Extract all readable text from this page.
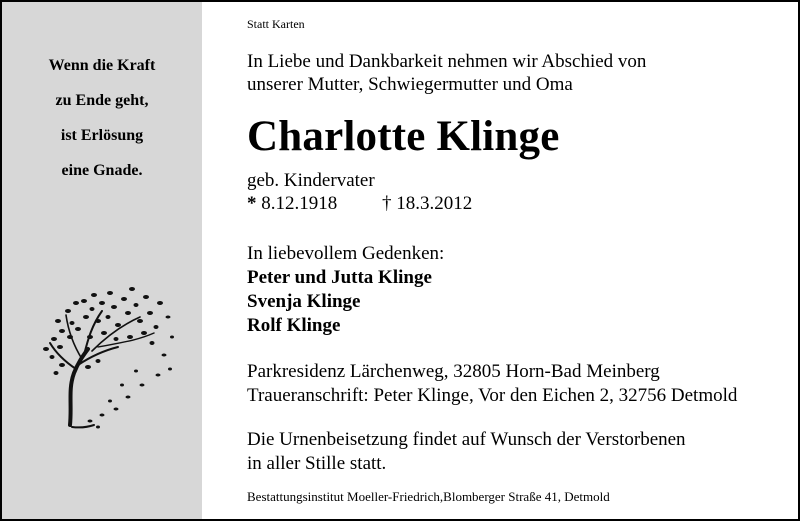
Wenn die Kraft
zu Ende geht,
ist Erlösung
eine Gnade.
Statt Karten
In Liebe und Dankbarkeit nehmen wir Abschied von
unserer Mutter, Schwiegermutter und Oma
Charlotte Klinge
geb. Kindervater
* 8.12.1918 † 18.3.2012
In liebevollem Gedenken:
Peter und Jutta Klinge
Svenja Klinge
Rolf Klinge
Parkresidenz Lärchenweg, 32805 Horn-Bad Meinberg
Traueranschrift: Peter Klinge, Vor den Eichen 2, 32756 Detmold
Die Urnenbeisetzung findet auf Wunsch der Verstorbenen
in aller Stille statt.
Bestattungsinstitut Moeller-Friedrich,Blomberger Straße 41, Detmold
